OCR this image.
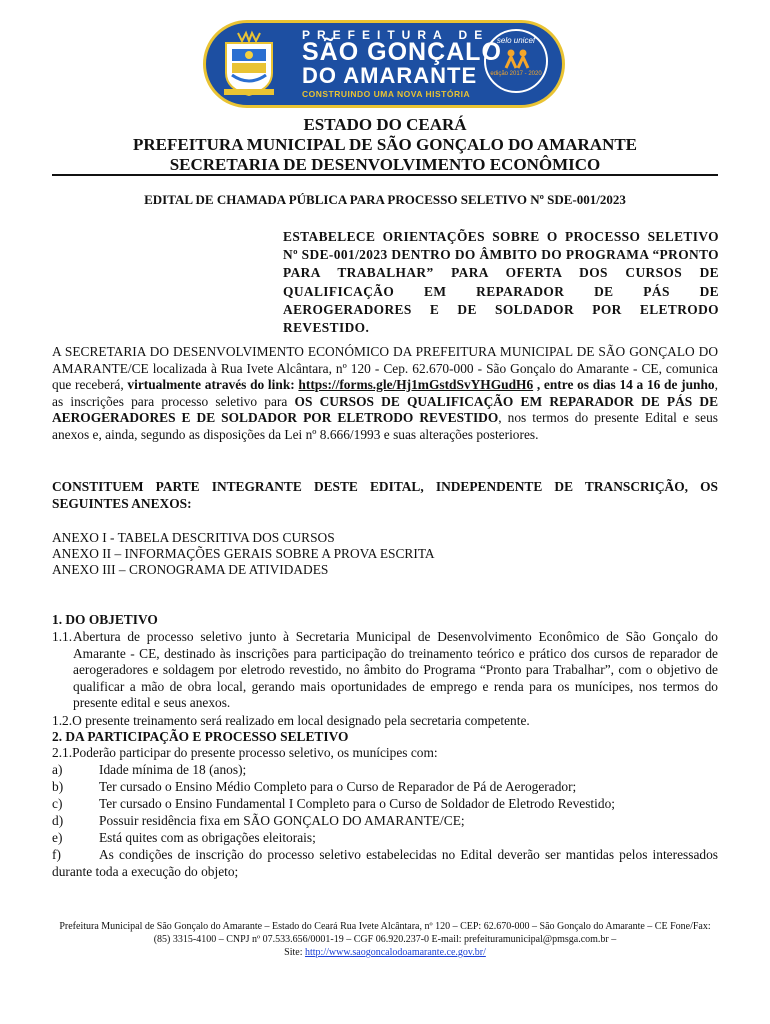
PREFEITURA DE
SÃO GONÇALO
DO AMARANTE
CONSTRUINDO UMA NOVA HISTÓRIA
selo unicef
edição 2017 - 2020
ESTADO DO CEARÁ
PREFEITURA MUNICIPAL DE SÃO GONÇALO DO AMARANTE
SECRETARIA DE DESENVOLVIMENTO ECONÔMICO
EDITAL DE CHAMADA PÚBLICA PARA PROCESSO SELETIVO Nº SDE-001/2023
ESTABELECE ORIENTAÇÕES SOBRE O PROCESSO SELETIVO Nº SDE-001/2023 DENTRO DO ÂMBITO DO PROGRAMA “PRONTO PARA TRABALHAR” PARA OFERTA DOS CURSOS DE QUALIFICAÇÃO EM REPARADOR DE PÁS DE AEROGERADORES E DE SOLDADOR POR ELETRODO REVESTIDO.
A SECRETARIA DO DESENVOLVIMENTO ECONÓMICO DA PREFEITURA MUNICIPAL DE SÃO GONÇALO DO AMARANTE/CE localizada à Rua Ivete Alcântara, nº 120 - Cep. 62.670-000 - São Gonçalo do Amarante - CE, comunica que receberá, virtualmente através do link: https://forms.gle/Hj1mGstdSvYHGudH6 , entre os dias 14 a 16 de junho, as inscrições para processo seletivo para OS CURSOS DE QUALIFICAÇÃO EM REPARADOR DE PÁS DE AEROGERADORES E DE SOLDADOR POR ELETRODO REVESTIDO, nos termos do presente Edital e seus anexos e, ainda, segundo as disposições da Lei nº 8.666/1993 e suas alterações posteriores.
CONSTITUEM PARTE INTEGRANTE DESTE EDITAL, INDEPENDENTE DE TRANSCRIÇÃO, OS SEGUINTES ANEXOS:
ANEXO I - TABELA DESCRITIVA DOS CURSOS
ANEXO II – INFORMAÇÕES GERAIS SOBRE A PROVA ESCRITA
ANEXO III – CRONOGRAMA DE ATIVIDADES
1. DO OBJETIVO
1.1. Abertura de processo seletivo junto à Secretaria Municipal de Desenvolvimento Econômico de São Gonçalo do Amarante - CE, destinado às inscrições para participação do treinamento teórico e prático dos cursos de reparador de aerogeradores e soldagem por eletrodo revestido, no âmbito do Programa “Pronto para Trabalhar”, com o objetivo de qualificar a mão de obra local, gerando mais oportunidades de emprego e renda para os munícipes, nos termos do presente edital e seus anexos.
1.2.O presente treinamento será realizado em local designado pela secretaria competente.
2. DA PARTICIPAÇÃO E PROCESSO SELETIVO
2.1.Poderão participar do presente processo seletivo, os munícipes com:
a)	Idade mínima de 18 (anos);
b)	Ter cursado o Ensino Médio Completo para o Curso de Reparador de Pá de Aerogerador;
c)	Ter cursado o Ensino Fundamental I Completo para o Curso de Soldador de Eletrodo Revestido;
d)	Possuir residência fixa em SÃO GONÇALO DO AMARANTE/CE;
e)	Está quites com as obrigações eleitorais;
f)	As condições de inscrição do processo seletivo estabelecidas no Edital deverão ser mantidas pelos interessados durante toda a execução do objeto;
Prefeitura Municipal de São Gonçalo do Amarante – Estado do Ceará Rua Ivete Alcântara, nº 120 – CEP: 62.670-000 – São Gonçalo do Amarante – CE Fone/Fax: (85) 3315-4100 – CNPJ nº 07.533.656/0001-19 – CGF 06.920.237-0 E-mail: prefeituramunicipal@pmsga.com.br –
Site: http://www.saogoncalodoamarante.ce.gov.br/
